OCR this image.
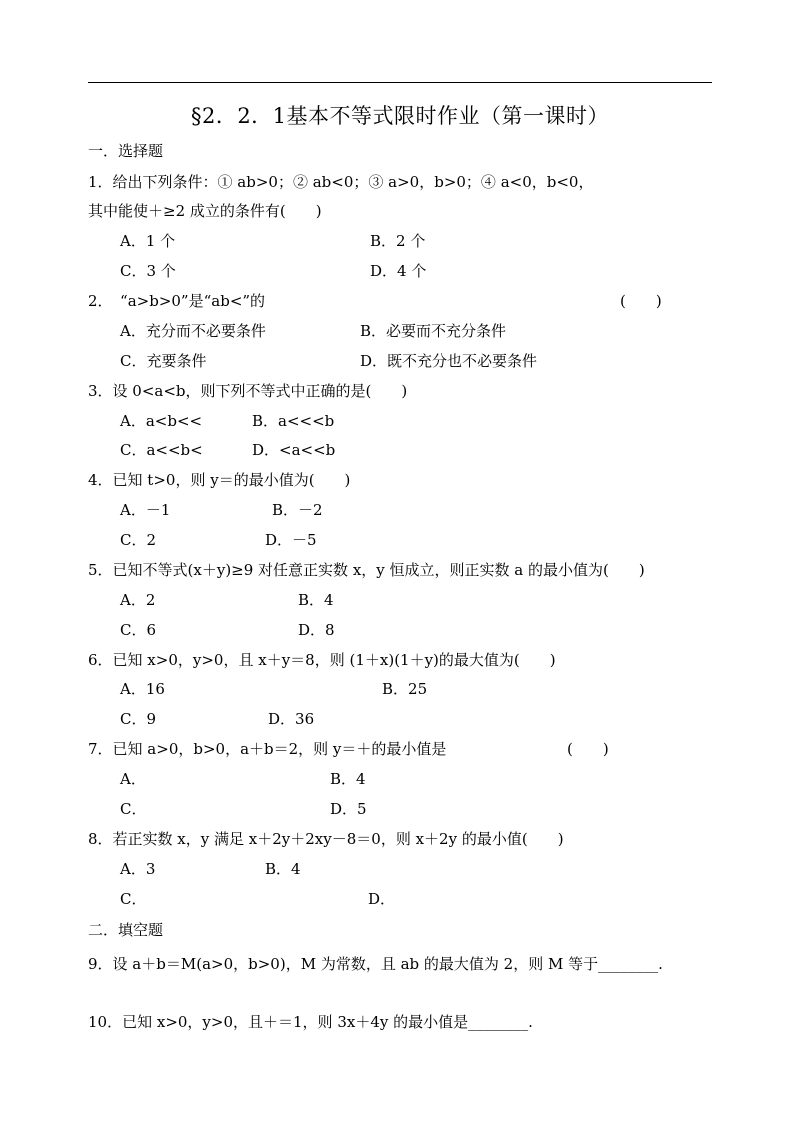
§2．2．1基本不等式限时作业（第一课时）
一．选择题
1．给出下列条件：① ab>0；② ab<0；③ a>0，b>0；④ a<0，b<0，
其中能使＋≥2 成立的条件有(　　)
A．1 个	B．2 个
C．3 个	D．4 个
2．　“a>b>0”是“ab<”的	(　　)
A．充分而不必要条件	B．必要而不充分条件
C．充要条件	D．既不充分也不必要条件
3．设 0<a<b，则下列不等式中正确的是(　　)
A．a<b<<	B．a<<<b
C．a<<b<	D．<a<<b
4．已知 t>0，则 y＝的最小值为(　　)
A．－1	B．－2
C．2	D．－5
5．已知不等式(x＋y)≥9 对任意正实数 x，y 恒成立，则正实数 a 的最小值为(　　)
A．2	B．4
C．6	D．8
6．已知 x>0，y>0，且 x＋y＝8，则 (1＋x)(1＋y)的最大值为(　　)
A．16	B．25
C．9	D．36
7．已知 a>0，b>0，a＋b＝2，则 y＝＋的最小值是	(　　)
A．	B．4
C．	D．5
8．若正实数 x，y 满足 x＋2y＋2xy－8＝0，则 x＋2y 的最小值(　　)
A．3	B．4
C．	D．
二．填空题
9．设 a＋b＝M(a>0，b>0)，M 为常数，且 ab 的最大值为 2，则 M 等于________.
10．已知 x>0，y>0，且＋＝1，则 3x＋4y 的最小值是________.
